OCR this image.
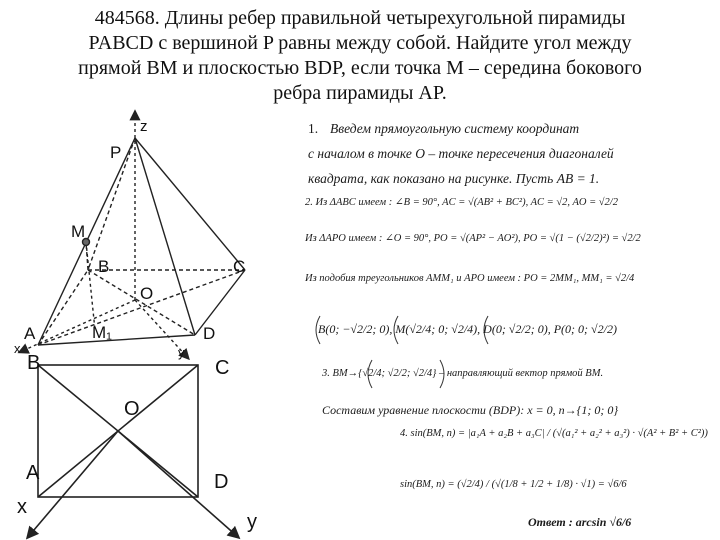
484568. Длины ребер правильной четырехугольной пирамиды
PABCD с вершиной P равны между собой. Найдите угол между
прямой BM и плоскостью BDP, если точка M – середина бокового
ребра пирамиды AP.
z
P
M
B	C
O
A	M₁	D
x	y
B	C
O
A	D
x
y
1. Введем прямоугольную систему координат
с началом в точке O – точке пересечения диагоналей
квадрата, как показано на рисунке. Пусть AB = 1.
2. Из ΔABC имеем : ∠B = 90°, AC = √(AB² + BC²), AC = √2, AO = √2/2
Из ΔAPO имеем : ∠O = 90°, PO = √(AP² − AO²), PO = √(1 − (√2/2)²) = √2/2
Из подобия треугольников AMM₁ и APO имеем : PO = 2MM₁, MM₁ = √2/4
B(0; −√2/2; 0), M(√2/4; 0; √2/4), D(0; √2/2; 0), P(0; 0; √2/2)
3. BM→{√2/4; √2/2; √2/4} – направляющий вектор прямой BM.
Составим уравнение плоскости (BDP): x = 0, n→{1; 0; 0}
4. sin(BM, n) = |a₁A + a₂B + a₃C| / (√(a₁² + a₂² + a₃²) · √(A² + B² + C²))
sin(BM, n) = (√2/4) / (√(1/8 + 1/2 + 1/8) · √1) = √6/6
Ответ : arcsin √6/6
